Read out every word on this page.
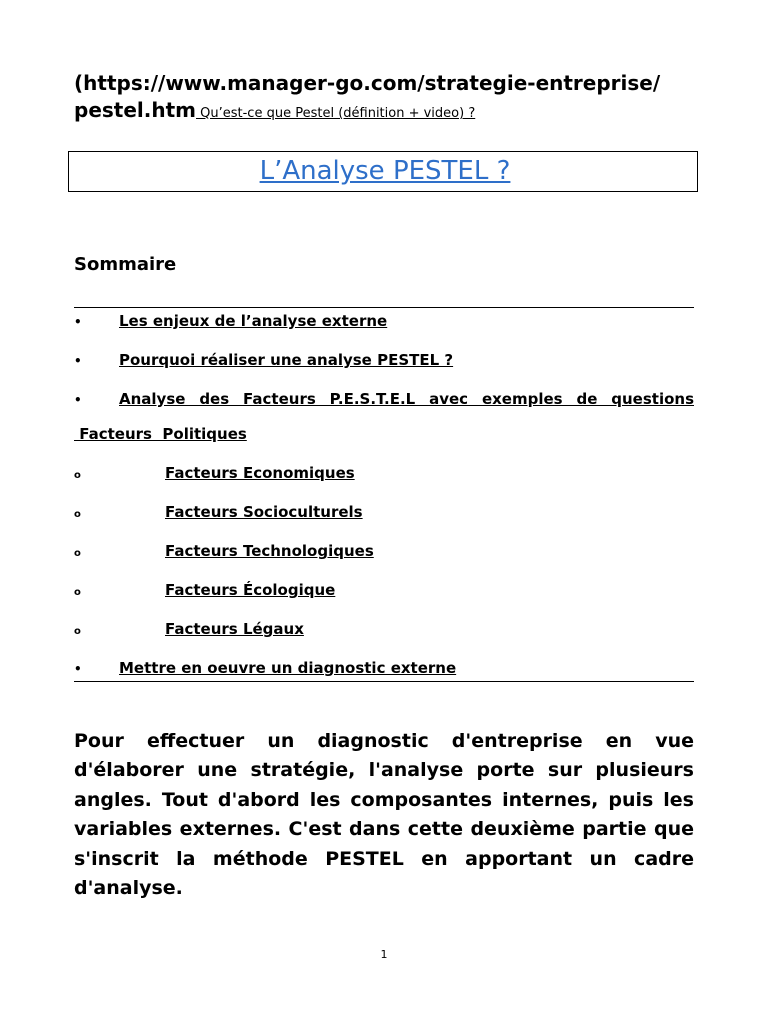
(https://www.manager-go.com/strategie-entreprise/
pestel.htm Qu’est-ce que Pestel (définition + video) ?
L’Analyse PESTEL ?
Sommaire
• Les enjeux de l’analyse externe
• Pourquoi réaliser une analyse PESTEL ?
• Analyse des Facteurs P.E.S.T.E.L avec exemples de questions
Facteurs  Politiques
o	Facteurs Economiques
o	Facteurs Socioculturels
o	Facteurs Technologiques
o	Facteurs Écologique
o	Facteurs Légaux
• Mettre en oeuvre un diagnostic externe
Pour effectuer un diagnostic d'entreprise en vue d'élaborer une stratégie, l'analyse porte sur plusieurs angles. Tout d'abord les composantes internes, puis les variables externes. C'est dans cette deuxième partie que s'inscrit la méthode PESTEL en apportant un cadre d'analyse.
1
